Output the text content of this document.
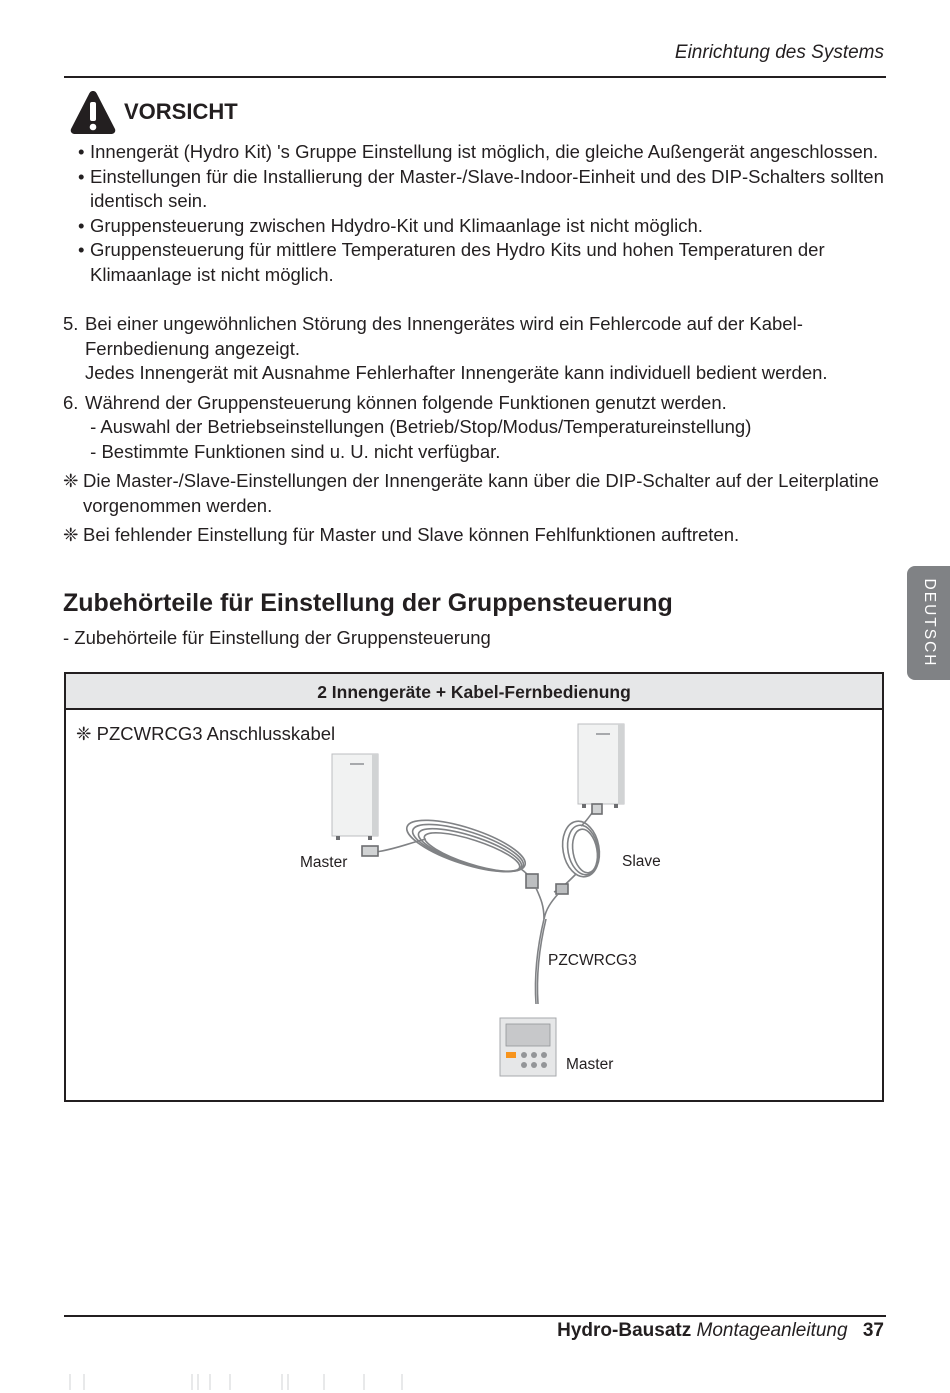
Einrichtung des Systems
VORSICHT
• Innengerät (Hydro Kit) 's Gruppe Einstellung ist möglich, die gleiche Außengerät angeschlossen.
• Einstellungen für die Installierung der Master-/Slave-Indoor-Einheit und des DIP-Schalters sollten identisch sein.
• Gruppensteuerung zwischen Hdydro-Kit und Klimaanlage ist nicht möglich.
• Gruppensteuerung für mittlere Temperaturen des Hydro Kits und hohen Temperaturen der Klimaanlage ist nicht möglich.
5. Bei einer ungewöhnlichen Störung des Innengerätes wird ein Fehlercode auf der Kabel-Fernbedienung angezeigt.
Jedes Innengerät mit Ausnahme Fehlerhafter Innengeräte kann individuell bedient werden.
6. Während der Gruppensteuerung können folgende Funktionen genutzt werden.
- Auswahl der Betriebseinstellungen (Betrieb/Stop/Modus/Temperatureinstellung)
- Bestimmte Funktionen sind u. U. nicht verfügbar.
❈ Die Master-/Slave-Einstellungen der Innengeräte kann über die DIP-Schalter auf der Leiterplatine vorgenommen werden.
❈ Bei fehlender Einstellung für Master und Slave können Fehlfunktionen auftreten.
Zubehörteile für Einstellung der Gruppensteuerung
- Zubehörteile für Einstellung der Gruppensteuerung
2 Innengeräte + Kabel-Fernbedienung
❈ PZCWRCG3 Anschlusskabel
Master	Slave
PZCWRCG3
Master
DEUTSCH
Hydro-Bausatz Montageanleitung 37
